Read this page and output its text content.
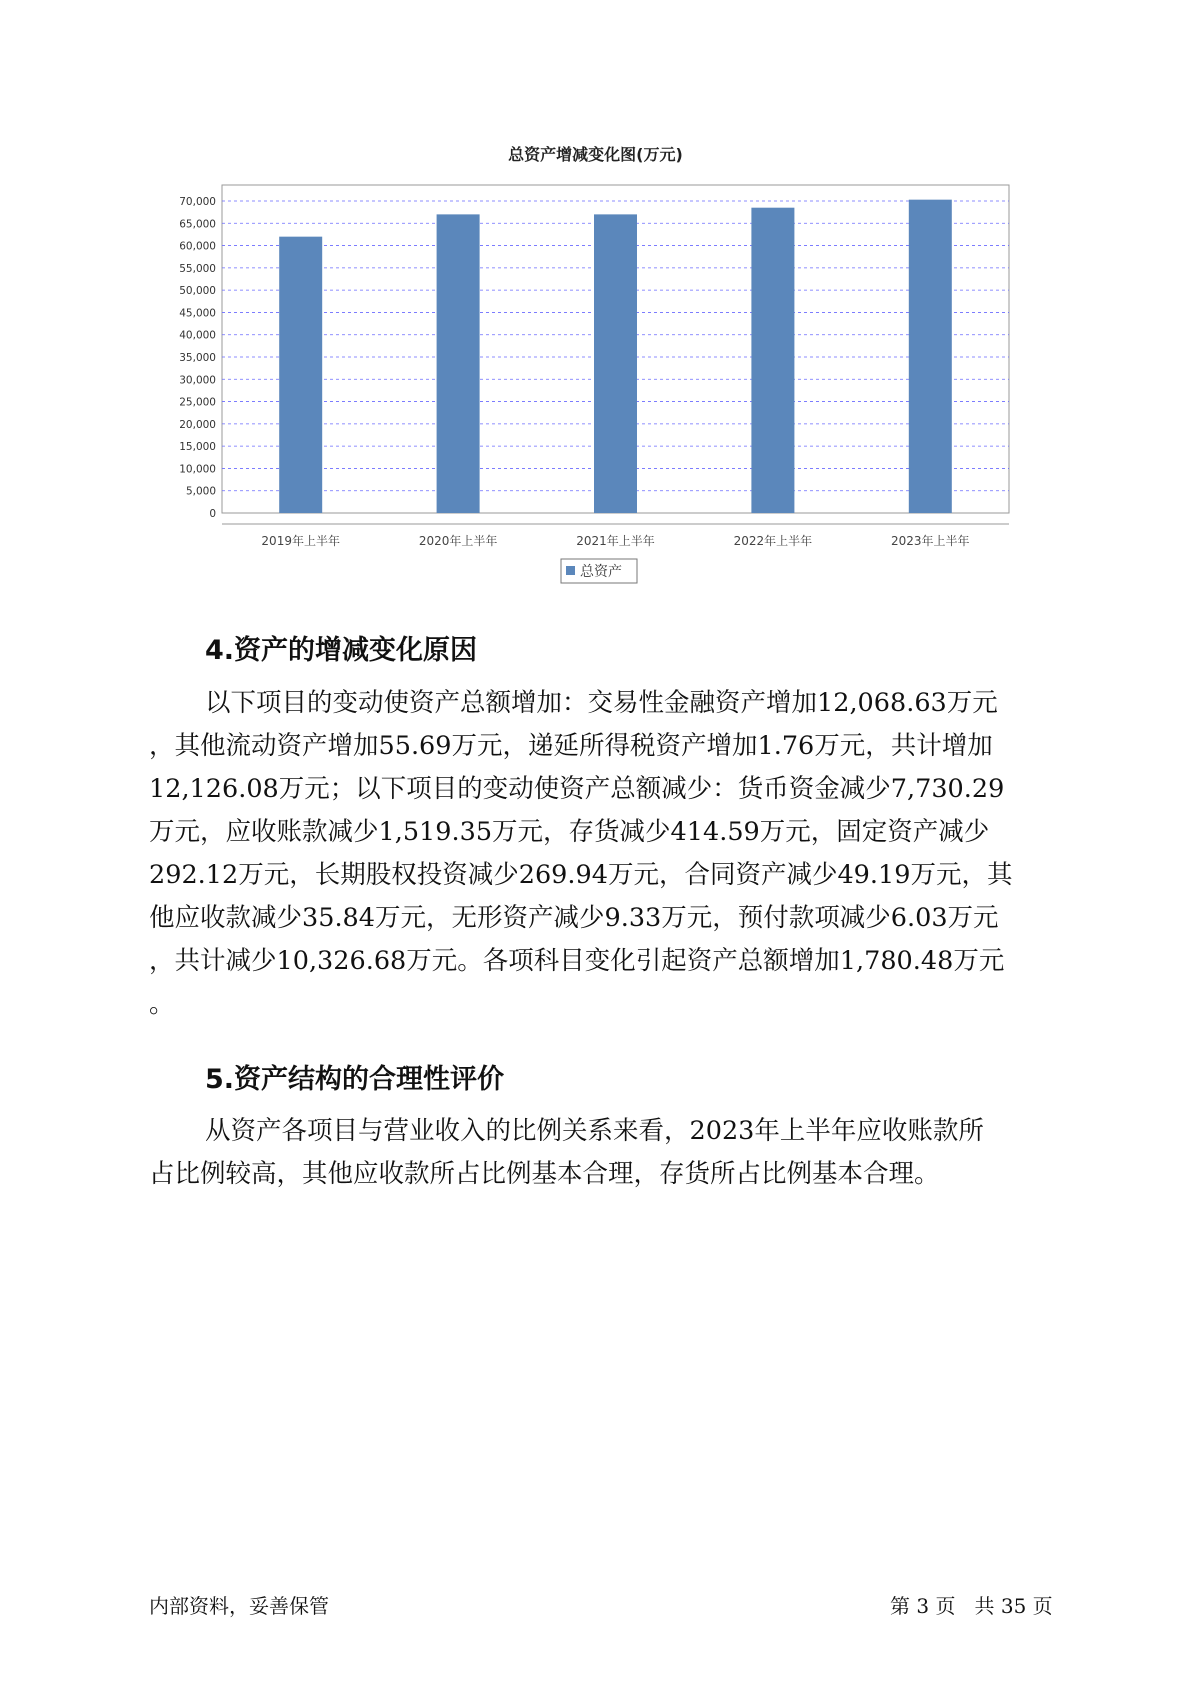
总资产增减变化图(万元)
0
5,000
10,000
15,000
20,000
25,000
30,000
35,000
40,000
45,000
50,000
55,000
60,000
65,000
70,000
2019年上半年	2020年上半年	2021年上半年	2022年上半年	2023年上半年
总资产
4.资产的增减变化原因
以下项目的变动使资产总额增加：交易性金融资产增加12,068.63万元
，其他流动资产增加55.69万元，递延所得税资产增加1.76万元，共计增加
12,126.08万元；以下项目的变动使资产总额减少：货币资金减少7,730.29
万元，应收账款减少1,519.35万元，存货减少414.59万元，固定资产减少
292.12万元，长期股权投资减少269.94万元，合同资产减少49.19万元，其
他应收款减少35.84万元，无形资产减少9.33万元，预付款项减少6.03万元
，共计减少10,326.68万元。各项科目变化引起资产总额增加1,780.48万元
。
5.资产结构的合理性评价
从资产各项目与营业收入的比例关系来看，2023年上半年应收账款所
占比例较高，其他应收款所占比例基本合理，存货所占比例基本合理。
内部资料，妥善保管	第 3 页   共 35 页
